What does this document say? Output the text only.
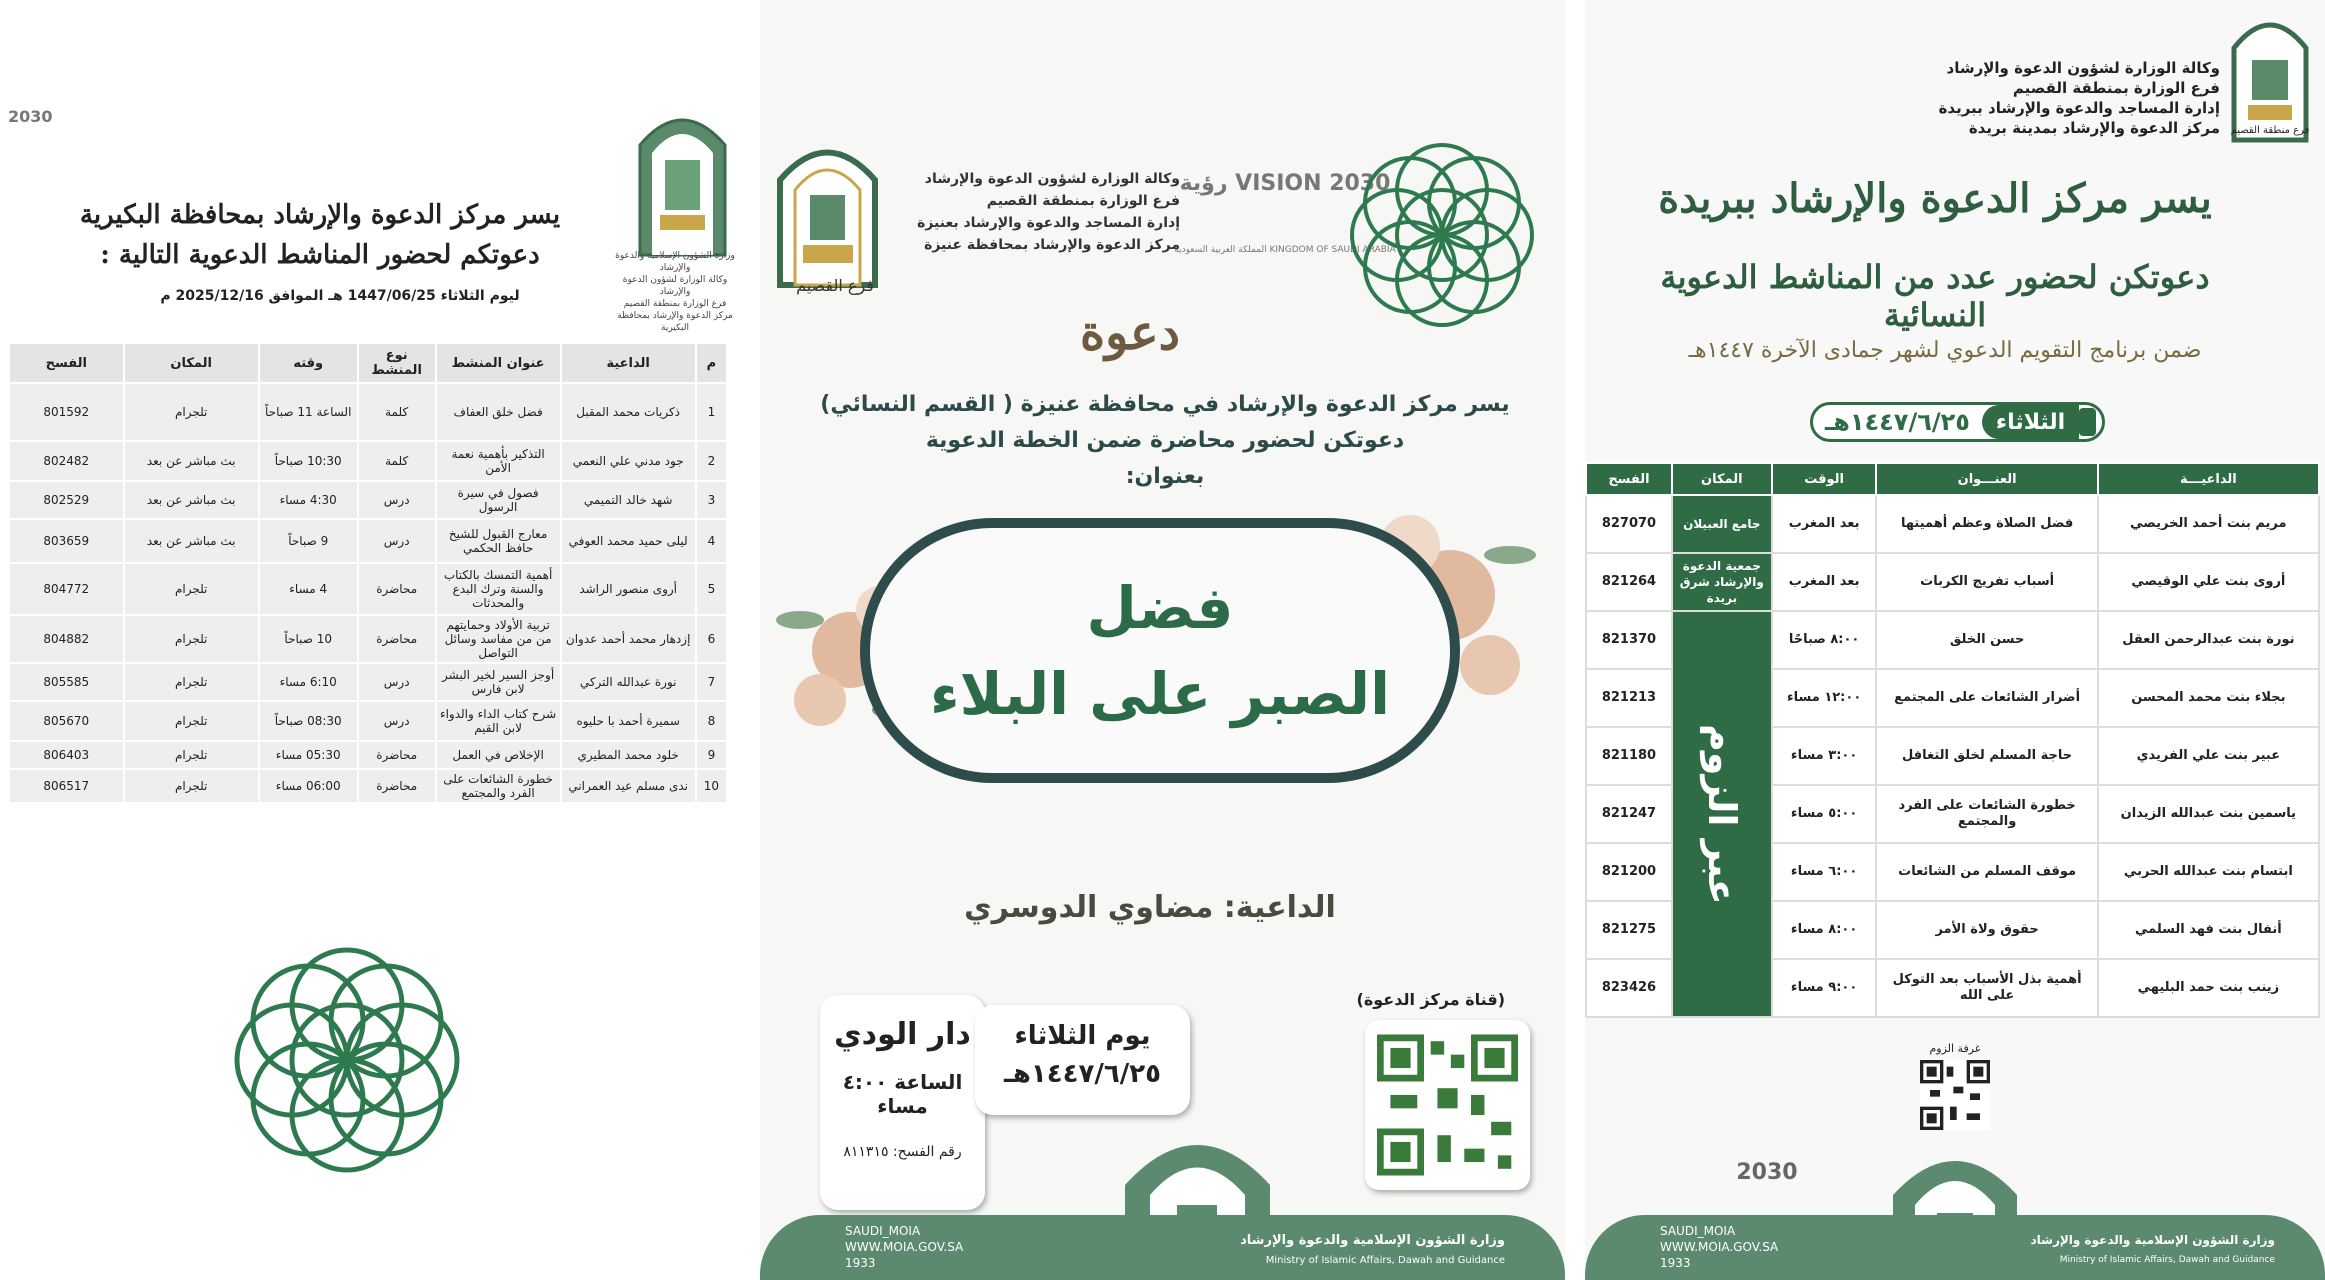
2030
وزارة الشؤون الإسلامية والدعوة والإرشاد
وكالة الوزارة لشؤون الدعوة والإرشاد
فرع الوزارة بمنطقة القصيم
مركز الدعوة والإرشاد بمحافظة البكيرية
يسر مركز الدعوة والإرشاد بمحافظة البكيرية
دعوتكم لحضور المناشط الدعوية التالية :
ليوم الثلاثاء 1447/06/25 هـ الموافق 2025/12/16 م
م	الداعية	عنوان المنشط	نوع المنشط	وقته	المكان	الفسح
1	ذكريات محمد المقبل	فضل خلق العفاف	كلمة	الساعة 11 صباحاً	تلجرام	801592
2	جود مدني علي النعمي	التذكير بأهمية نعمة الأمن	كلمة	10:30 صباحاً	بث مباشر عن بعد	802482
3	شهد خالد التميمي	فصول في سيرة الرسول	درس	4:30 مساء	بث مباشر عن بعد	802529
4	ليلى حميد محمد العوفي	معارج القبول للشيخ حافظ الحكمي	درس	9 صباحاً	بث مباشر عن بعد	803659
5	أروى منصور الراشد	أهمية التمسك بالكتاب والسنة وترك البدع والمحدثات	محاضرة	4 مساء	تلجرام	804772
6	إزدهار محمد أحمد عدوان	تربية الأولاد وحمايتهم من من مفاسد وسائل التواصل	محاضرة	10 صباحاً	تلجرام	804882
7	نورة عبدالله التركي	أوجز السير لخير البشر لابن فارس	درس	6:10 مساء	تلجرام	805585
8	سميرة أحمد با حليوه	شرح كتاب الداء والدواء لابن القيم	درس	08:30 صباحاً	تلجرام	805670
9	خلود محمد المطيري	الإخلاص في العمل	محاضرة	05:30 مساء	تلجرام	806403
10	ندى مسلم عيد العمراني	خطورة الشائعات على الفرد والمجتمع	محاضرة	06:00 مساء	تلجرام	806517
فرع القصيم
وكالة الوزارة لشؤون الدعوة والإرشاد
فرع الوزارة بمنطقة القصيم
إدارة المساجد والدعوة والإرشاد بعنيزة
مركز الدعوة والإرشاد بمحافظة عنيزة
رؤية VISION 2030
المملكة العربية السعودية KINGDOM OF SAUDI ARABIA
دعوة
يسر مركز الدعوة والإرشاد في محافظة عنيزة ( القسم النسائي)
دعوتكن لحضور محاضرة ضمن الخطة الدعوية
بعنوان:
فضل
الصبر على البلاء
الداعية: مضاوي الدوسري
دار الودي
الساعة ٤:٠٠ مساء
رقم الفسح: ٨١١٣١٥
يوم الثلاثاء
١٤٤٧/٦/٢٥هـ
(قناة مركز الدعوة)
SAUDI_MOIA
WWW.MOIA.GOV.SA
1933
وزارة الشؤون الإسلامية والدعوة والإرشاد
Ministry of Islamic Affairs, Dawah and Guidance
فرع منطقة القصيم
وكالة الوزارة لشؤون الدعوة والإرشاد
فرع الوزارة بمنطقة القصيم
إدارة المساجد والدعوة والإرشاد ببريدة
مركز الدعوة والإرشاد بمدينة بريدة
يسر مركز الدعوة والإرشاد ببريدة
دعوتكن لحضور عدد من المناشط الدعوية النسائية
ضمن برنامج التقويم الدعوي لشهر جمادى الآخرة ١٤٤٧هـ
الثلاثاء
١٤٤٧/٦/٢٥هـ
الداعيـــة	العنـــوان	الوقت	المكان	الفسح
مريم بنت أحمد الخريصي	فضل الصلاة وعظم أهميتها	بعد المغرب	جامع العبيلان	827070
أروى بنت علي الوقيصي	أسباب تفريج الكربات	بعد المغرب	جمعية الدعوة والإرشاد شرق بريدة	821264
نورة بنت عبدالرحمن العقل	حسن الخلق	٨:٠٠ صباحًا	عبر الزوم	821370
بجلاء بنت محمد المحسن	أضرار الشائعات على المجتمع	١٢:٠٠ مساء		821213
عبير بنت علي الفريدي	حاجة المسلم لخلق التغافل	٣:٠٠ مساء		821180
ياسمين بنت عبدالله الزيدان	خطورة الشائعات على الفرد والمجتمع	٥:٠٠ مساء		821247
ابتسام بنت عبدالله الحربي	موقف المسلم من الشائعات	٦:٠٠ مساء		821200
أنفال بنت فهد السلمي	حقوق ولاة الأمر	٨:٠٠ مساء		821275
زينب بنت حمد البليهي	أهمية بذل الأسباب بعد التوكل على الله	٩:٠٠ مساء		823426
غرفة الزوم
2030
SAUDI_MOIA
WWW.MOIA.GOV.SA
1933
وزارة الشؤون الإسلامية والدعوة والإرشاد
Ministry of Islamic Affairs, Dawah and Guidance
